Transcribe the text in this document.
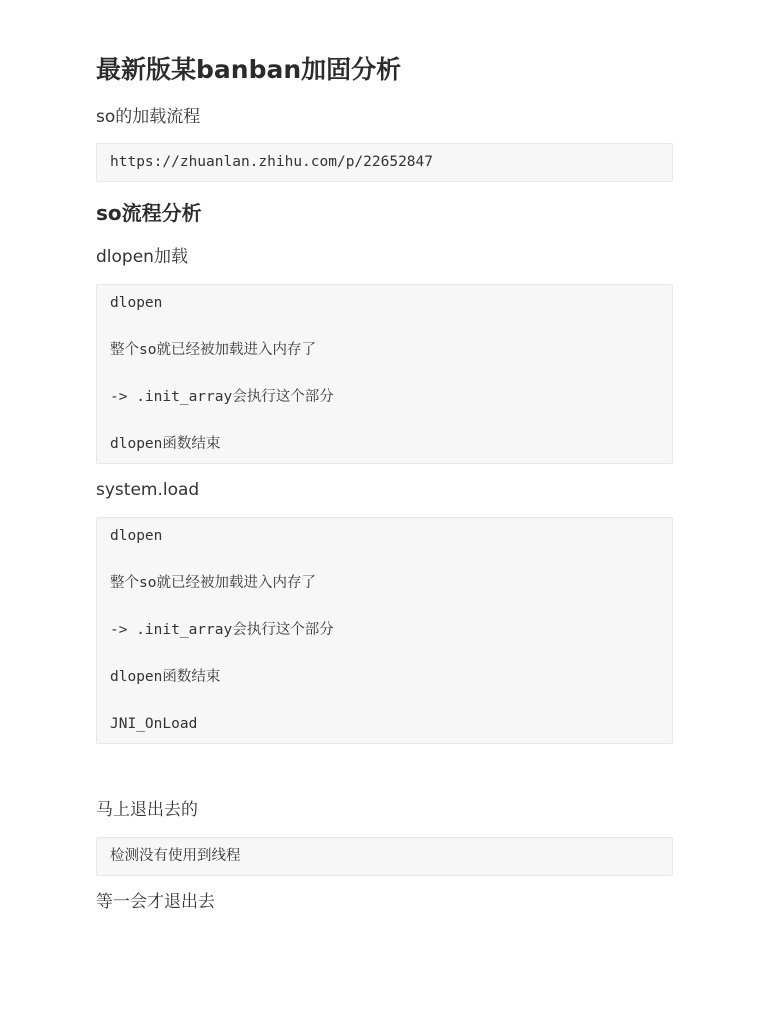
最新版某banban加固分析

so的加载流程

https://zhuanlan.zhihu.com/p/22652847
so流程分析

dlopen加载

dlopen
整个so就已经被加载进入内存了
-> .init_array会执行这个部分
dlopen函数结束

system.load

dlopen
整个so就已经被加载进入内存了
-> .init_array会执行这个部分
dlopen函数结束
JNI_OnLoad

马上退出去的

检测没有使用到线程

等一会才退出去
